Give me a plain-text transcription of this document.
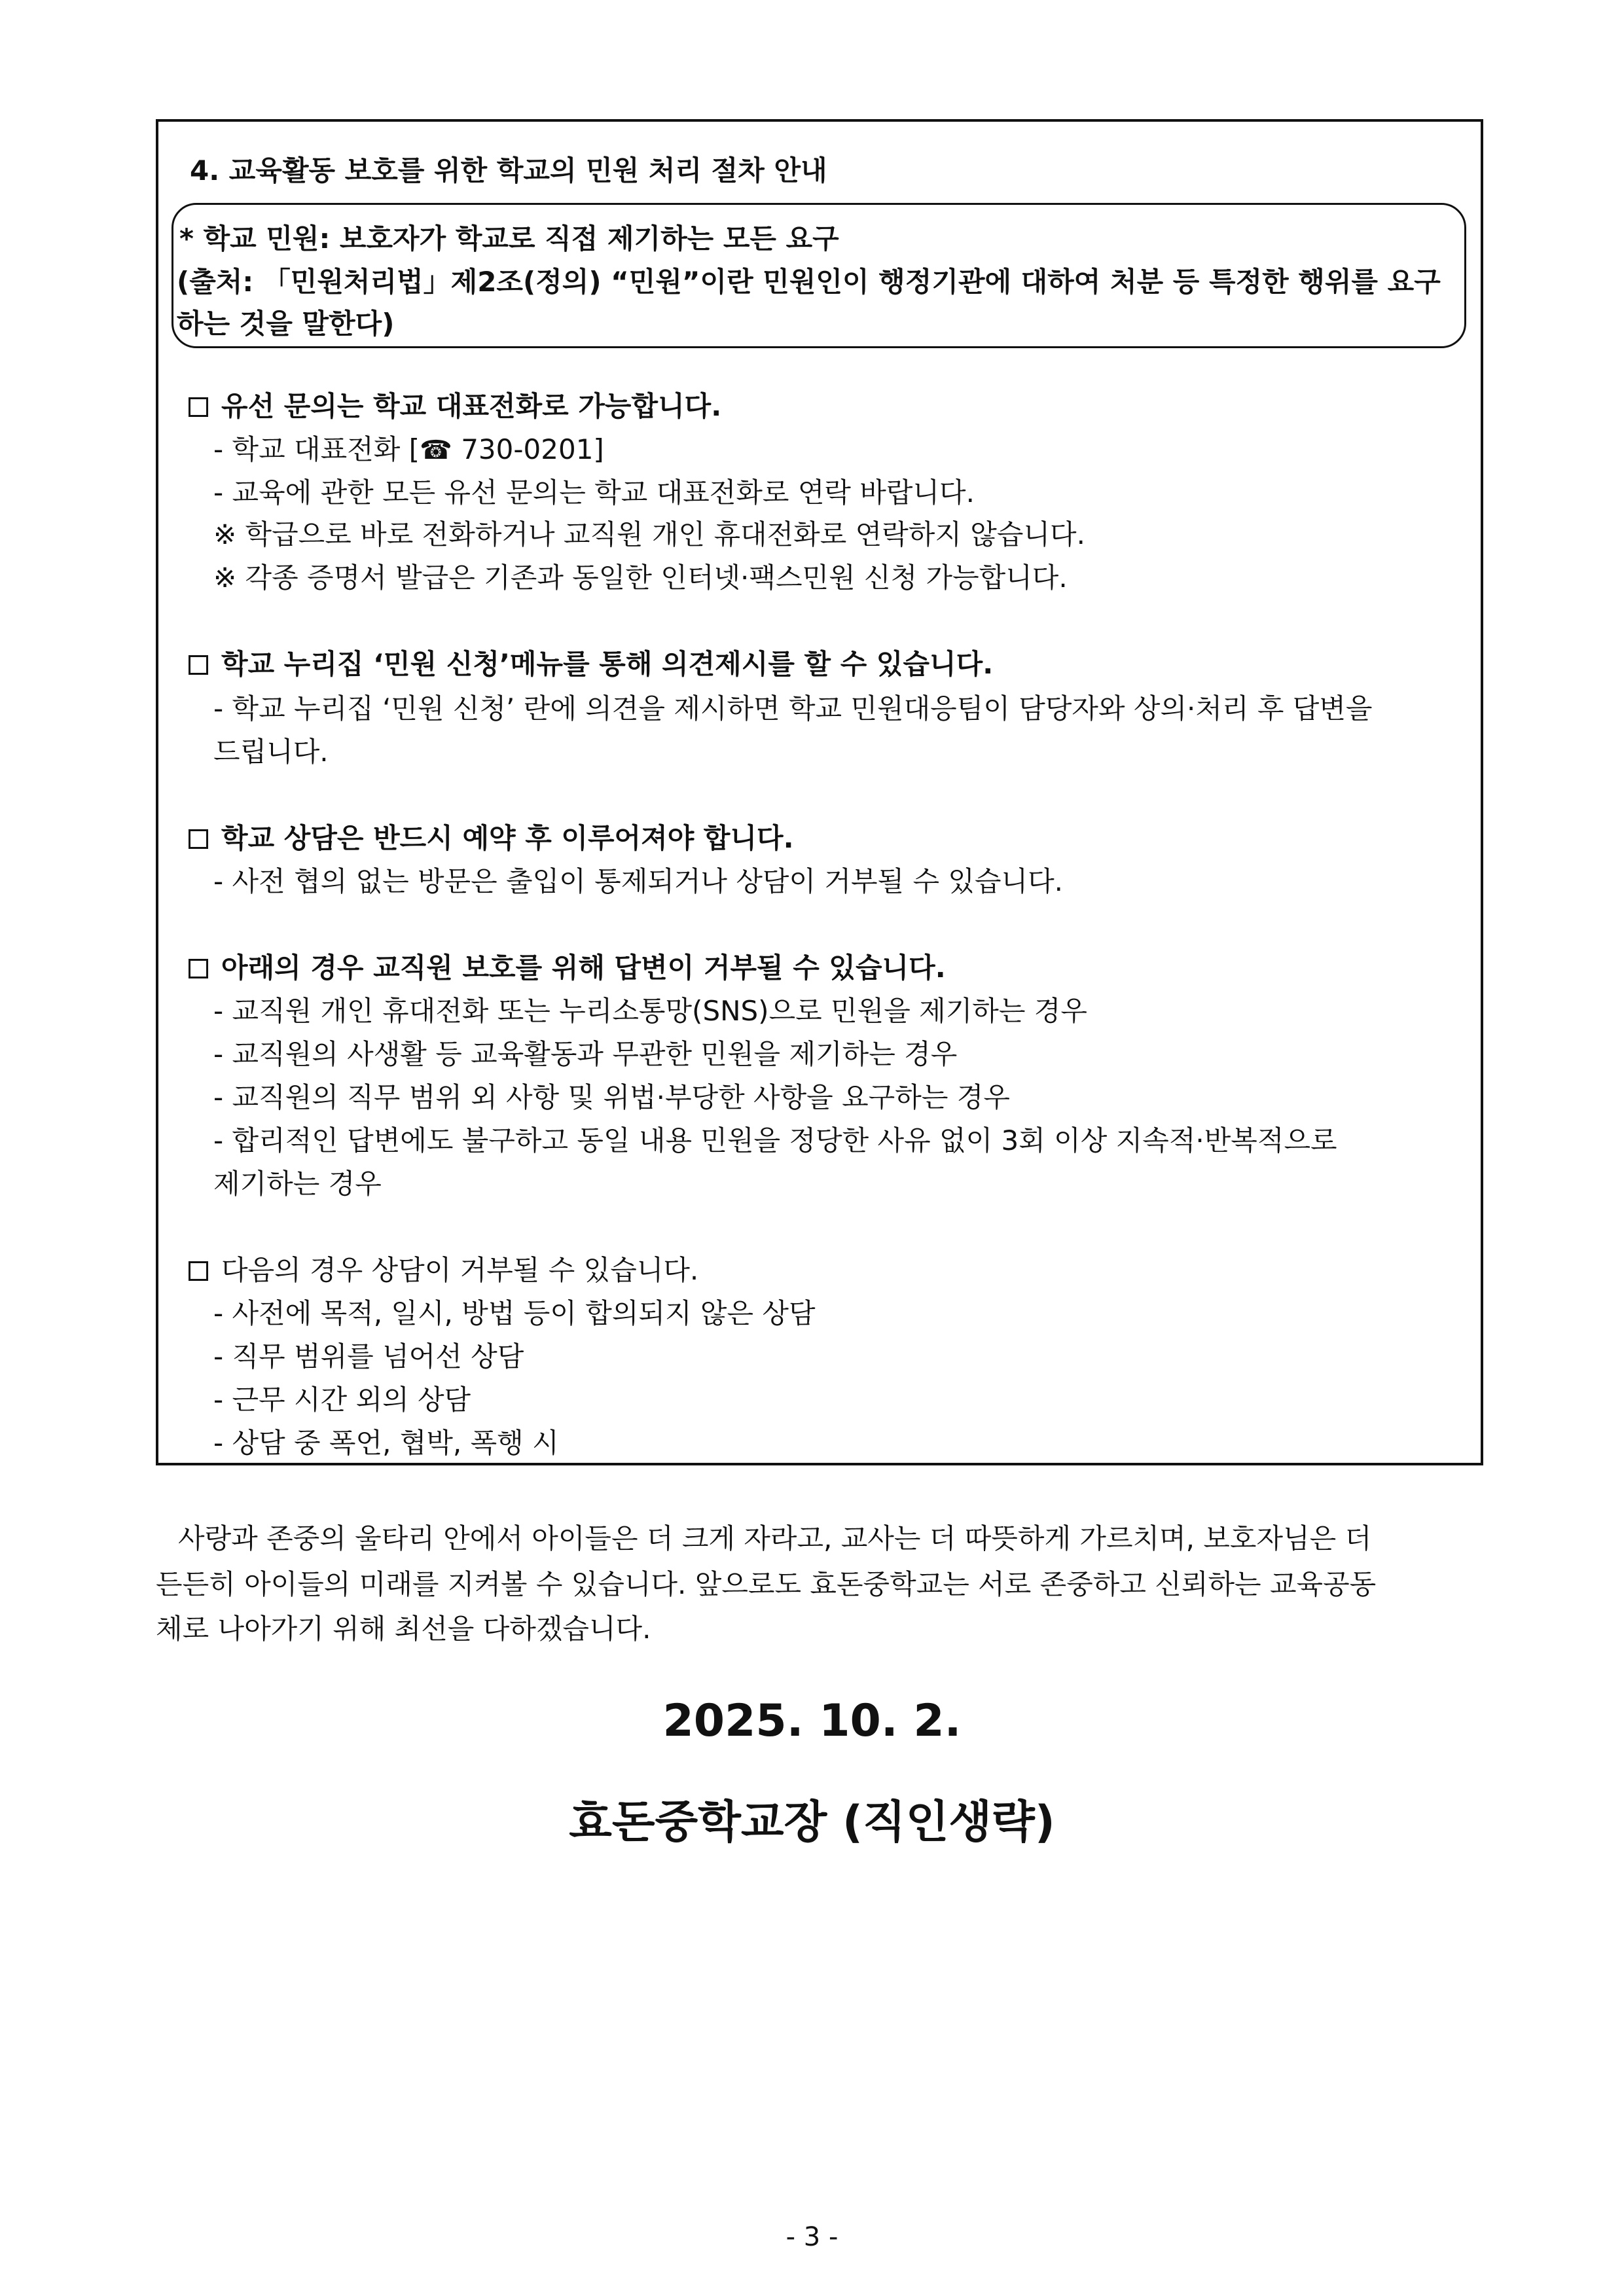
4. 교육활동 보호를 위한 학교의 민원 처리 절차 안내
* 학교 민원: 보호자가 학교로 직접 제기하는 모든 요구
(출처: 「민원처리법」제2조(정의) “민원”이란 민원인이 행정기관에 대하여 처분 등 특정한 행위를 요구
하는 것을 말한다)
유선 문의는 학교 대표전화로 가능합니다.
- 학교 대표전화 [☎ 730-0201]
- 교육에 관한 모든 유선 문의는 학교 대표전화로 연락 바랍니다.
※ 학급으로 바로 전화하거나 교직원 개인 휴대전화로 연락하지 않습니다.
※ 각종 증명서 발급은 기존과 동일한 인터넷·팩스민원 신청 가능합니다.
학교 누리집 ‘민원 신청’메뉴를 통해 의견제시를 할 수 있습니다.
- 학교 누리집 ‘민원 신청’ 란에 의견을 제시하면 학교 민원대응팀이 담당자와 상의·처리 후 답변을
드립니다.
학교 상담은 반드시 예약 후 이루어져야 합니다.
- 사전 협의 없는 방문은 출입이 통제되거나 상담이 거부될 수 있습니다.
아래의 경우 교직원 보호를 위해 답변이 거부될 수 있습니다.
- 교직원 개인 휴대전화 또는 누리소통망(SNS)으로 민원을 제기하는 경우
- 교직원의 사생활 등 교육활동과 무관한 민원을 제기하는 경우
- 교직원의 직무 범위 외 사항 및 위법·부당한 사항을 요구하는 경우
- 합리적인 답변에도 불구하고 동일 내용 민원을 정당한 사유 없이 3회 이상 지속적·반복적으로
제기하는 경우
다음의 경우 상담이 거부될 수 있습니다.
- 사전에 목적, 일시, 방법 등이 합의되지 않은 상담
- 직무 범위를 넘어선 상담
- 근무 시간 외의 상담
- 상담 중 폭언, 협박, 폭행 시
사랑과 존중의 울타리 안에서 아이들은 더 크게 자라고, 교사는 더 따뜻하게 가르치며, 보호자님은 더
든든히 아이들의 미래를 지켜볼 수 있습니다. 앞으로도 효돈중학교는 서로 존중하고 신뢰하는 교육공동
체로 나아가기 위해 최선을 다하겠습니다.
2025. 10. 2.
효돈중학교장 (직인생략)
- 3 -
